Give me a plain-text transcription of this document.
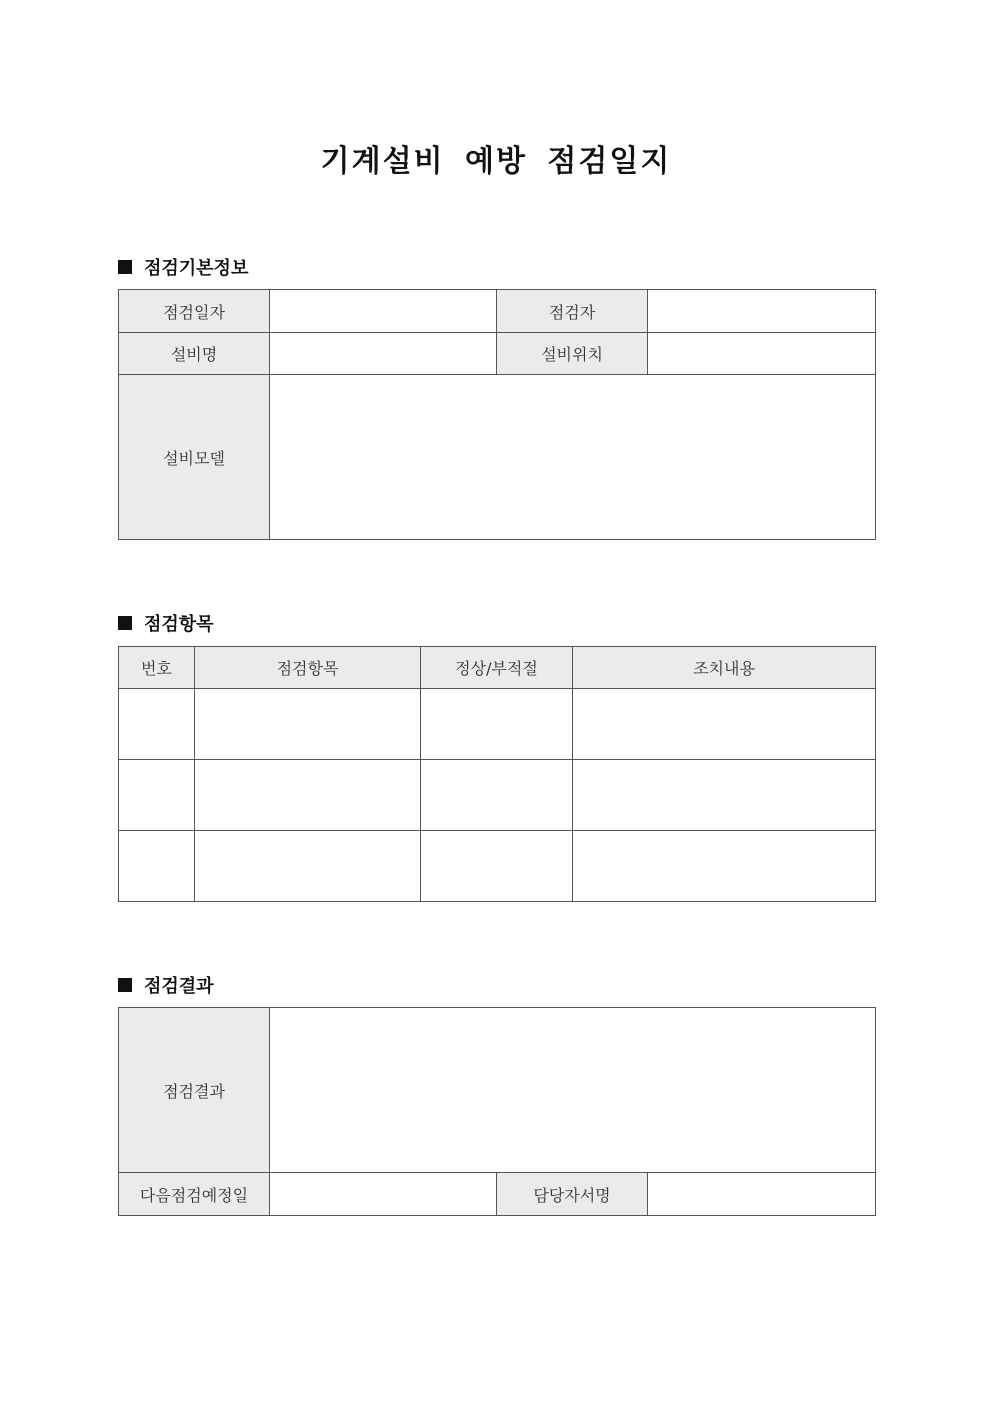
기계설비 예방 점검일지
점검기본정보
점검일자		점검자	
설비명		설비위치	
설비모델			
점검항목
번호	점검항목	정상/부적절	조치내용

점검결과
점검결과			
다음점검예정일		담당자서명	
